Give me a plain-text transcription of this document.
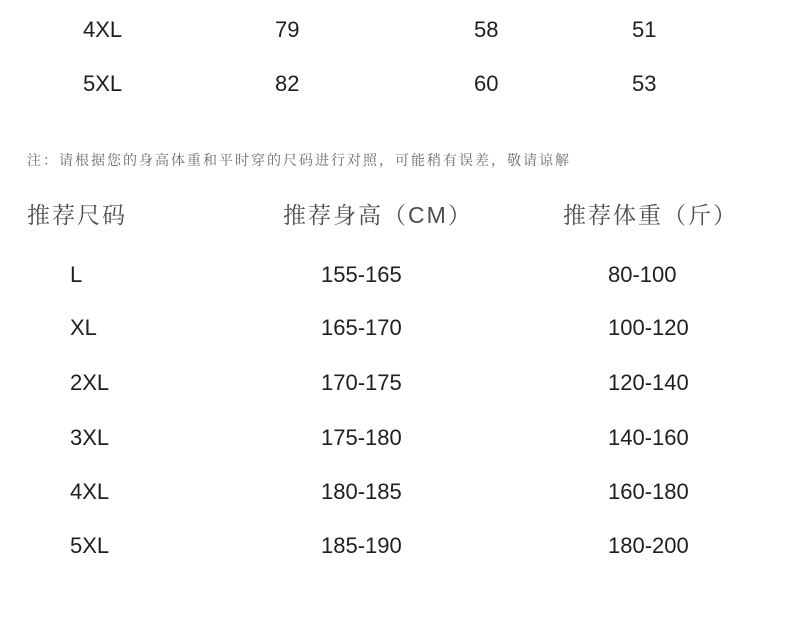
4XL	79	58	51
5XL	82	60	53
注：请根据您的身高体重和平时穿的尺码进行对照，可能稍有误差，敬请谅解
推荐尺码	推荐身高（CM）	推荐体重（斤）
L	155-165	80-100
XL	165-170	100-120
2XL	170-175	120-140
3XL	175-180	140-160
4XL	180-185	160-180
5XL	185-190	180-200
